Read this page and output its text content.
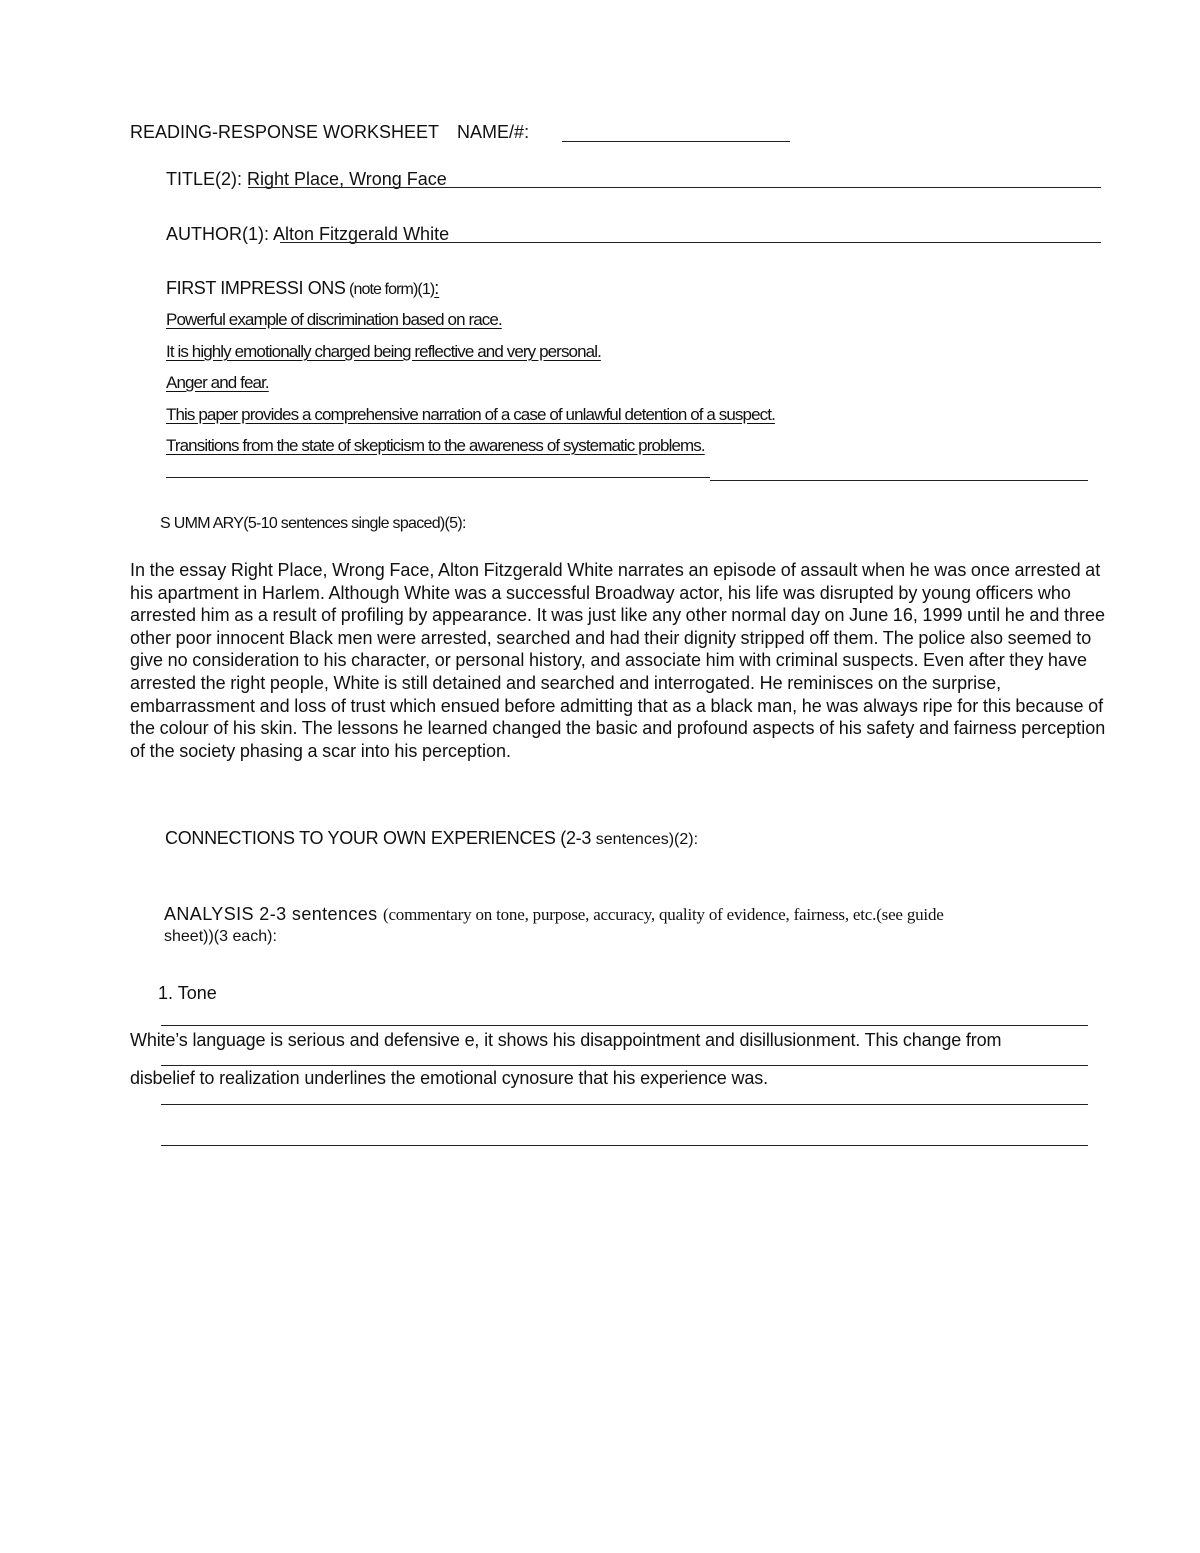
READING-RESPONSE WORKSHEET NAME/#:
TITLE(2): Right Place, Wrong Face
AUTHOR(1): Alton Fitzgerald White
FIRST IMPRESSI ONS (note form)(1):
Powerful example of discrimination based on race.
It is highly emotionally charged being reflective and very personal.
Anger and fear.
This paper provides a comprehensive narration of a case of unlawful detention of a suspect.
Transitions from the state of skepticism to the awareness of systematic problems.
S UMM ARY(5-10 sentences single spaced)(5):
In the essay Right Place, Wrong Face, Alton Fitzgerald White narrates an episode of assault when he was once arrested at his apartment in Harlem. Although White was a successful Broadway actor, his life was disrupted by young officers who arrested him as a result of profiling by appearance. It was just like any other normal day on June 16, 1999 until he and three other poor innocent Black men were arrested, searched and had their dignity stripped off them. The police also seemed to give no consideration to his character, or personal history, and associate him with criminal suspects. Even after they have arrested the right people, White is still detained and searched and interrogated. He reminisces on the surprise, embarrassment and loss of trust which ensued before admitting that as a black man, he was always ripe for this because of the colour of his skin. The lessons he learned changed the basic and profound aspects of his safety and fairness perception of the society phasing a scar into his perception.
CONNECTIONS TO YOUR OWN EXPERIENCES (2-3 sentences)(2):
ANALYSIS 2-3 sentences (commentary on tone, purpose, accuracy, quality of evidence, fairness, etc.(see guide
sheet))(3 each):
1. Tone
White’s language is serious and defensive e, it shows his disappointment and disillusionment. This change from
disbelief to realization underlines the emotional cynosure that his experience was.
